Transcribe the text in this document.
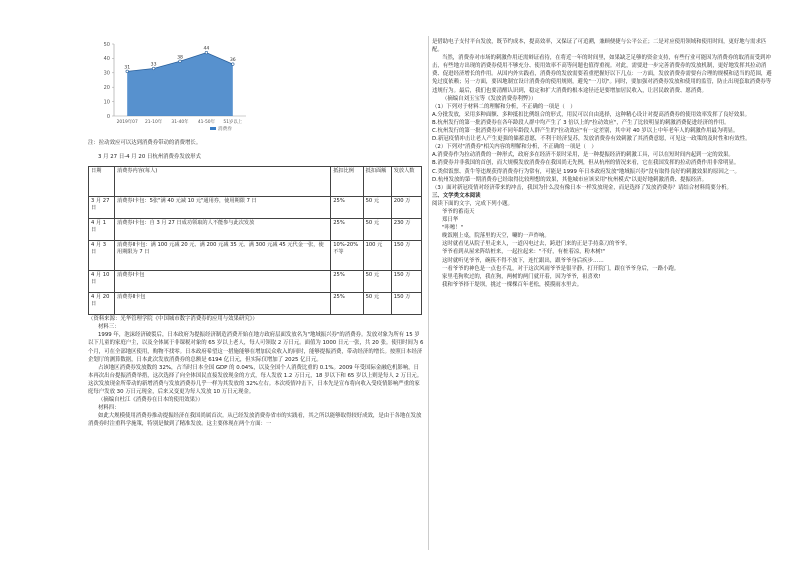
0
10
20
30
40
50
31
2019年07
33
21-10年
38
31-40年
44
41-50年
36
51岁以上
消费券

注：拉动效应可以达到消费券带动的消费增长。

3 月 27 日-4 月 20 日杭州消费券发放形式

日期	消费券内容(每人)	抵扣比例	抵扣面额	发放人数
3 月 27 日	消费券Ⅰ卡包：5张"满 40 元减 10 元"通用券，使用期限 7 日	25%	50 元	200 万
4 月 1 日	消费券Ⅰ卡包：自 3 月 27 日成功领取的人不能参与此次发放	25%	50 元	230 万
4 月 3 日	消费券Ⅱ卡包：满 100 元减 20 元、满 200 元减 35 元、满 300 元减 45 元代金一张，使用期限为 7 日	10%-20%不等	100 元	150 万
4 月 10 日	消费券Ⅰ卡包	25%	50 元	150 万
4 月 20 日	消费券Ⅱ卡包	25%	50 元	150 万

（资料来源：光华管理学院《中国城市数字消费券的应用与效果研究》）

材料三：

1999 年，泡沫经济破裂后，日本政府为提振经济制造消费开始在地方政府层面发放名为"地域振兴券"的消费券。发放对象为所有 15 岁以下儿童的家庭户主，以及全体属于非课税对象的 65 岁以上老人，每人可领取 2 万日元。面值为 1000 日元一张，共 20 张。使用时间为 6 个月，可在全部地区使用，购物不找零。日本政府希望这一措施能够在增加民众收入的同时，能够提振消费，带动经济的增长。按照日本经济企划厅的测算数据，日本此次发放消费券的总额是 6194 亿日元，但实际仅增加了 2025 亿日元。

占该地区消费券发放数的 32%，占当时日本全国 GDP 的 0.04%，以及全国个人消费比重的 0.1%。2009 年受国际金融危机影响，日本再次出台提振消费举措，这次选择了向全体国民直接发放现金的方式，每人发放 1.2 万日元，18 岁以下和 65 岁以上则是每人 2 万日元。这次发放现金所带动的新增消费与发放消费券几乎一样为其发放的 32%左右。本次疫情冲击下，日本先是宣布将向收入受疫情影响严重的家庭每户发放 30 万日元现金，后来又变更为每人发放 10 万日元现金。

（摘编自杜江《消费券在日本的使用效果》）

材料四：

如此大规模使用消费券推动提振经济在我国尚属首次。从已经发放消费券省市的实践看，其之所以能够取得较好成效，是由于各地在发放消费券时注重科学施策，特别是做到了精准发放。这主要体现在两个方面：一

是借助电子支付平台发放，既节约成本，提高效率，又保证了可追溯，兼顾便捷与公平公正；二是对应使用领域和使用时间，更好地与需求匹配。

当然，消费券对市场的刺激作用还需辩证看待，在将近一年的时间里，如果缺乏足够的资金支持，有些行业可能因为消费券的取消而受到冲击，有些地方出现的消费券使用不够充分、使用效率不高等问题也值得重视。对此，需要进一步完善消费券的发放机制，更好地发挥其拉动消费、促进经济增长的作用。从国内外实践看，消费券的发放需要着重把握好以下几点：一方面，发放消费券需要有合理的规模和适当的范围，避免过度依赖；另一方面，要因地制宜设计消费券的使用规则，避免"一刀切"。同时，要加强对消费券发放和使用的监管，防止出现套取消费券等违规行为。最后，我们也要清醒认识到，稳定和扩大消费的根本途径还是要增加居民收入，让居民敢消费、愿消费。

（摘编自刘玉宝等《发放消费券利弊》）

（1）下列对于材料二的理解和分析，不正确的一项是（　）

A.分批发放，采用多种面额、多种抵扣比例组合的形式，用民可以自由选择，这种精心设计对提高消费券的使用效率发挥了良好效果。

B.杭州发行的第一批消费券在各年龄段人群中均产生了 3 倍以上的"拉动效应"，产生了比较明显的刺激消费促进经济的作用。

C.杭州发行的第一批消费券对不同年龄段人群产生的"拉动效应"有一定差别，其中对 40 岁以上中年老年人的刺激作用最为明显。

D.新冠疫情冲击让老人产生更强的储蓄意愿，不利于经济复苏，发放消费券有效刺激了其消费意愿，可见这一政策的及时性和有效性。

（2）下列对"消费券"相关内容的理解和分析，不正确的一项是（　）

A.消费券作为拉动消费的一种形式，政府多在经济不景时采用，是一种提振经济的刺激工具，可以在短时间内起到一定的效果。

B.消费券并非我国的首创，而大规模发放消费券在我国尚无先例，但从杭州的情况来看，它在我国发挥的拉动消费作用非常明显。

C.类似饭票、黄牛等违规获得消费券行为常有，可能是 1999 年日本政府发放"地域振兴券"没有取得良好的刺激效果的原因之一。

D.杭州发放的第一期消费券已经取得比较理想的效果，其他城市应该采用"杭州模式"以更好地刺激消费、提振经济。

（3）面对新冠疫情对经济带来的冲击，我国为什么没有像日本一样发放现金，而是选择了发放消费券？请结合材料简要分析。

三、文学类文本阅读

阅读下面的文字，完成下列小题。

爷爷的蓄南天

郑日华

"咔嚓！"

晚饭刚上桌，院落里的天空，唰的一声炸响。

这时就看见从院子里走来人，一道闪电过去，跨进门来的正是手持菜刀的爷爷。

爷爷看到从屋来阵结桩来，一起拉起来："不好，有桩着凉，粉木树!"

这时就听见爷爷，碗筷不得不放下，连忙跟出，跟爷爷身后疾步……

一看爷爷的神色是一点也不乱，对于这次风雨爷爷是很平静，打开院门，跟在爷爷身后，一路小跑。

家里毛狗吹过的，我在狗，两树的两门就开着，因为爷爷，祖喜欢!

我和爷爷择干堤坝，挑过一棵棵百年老松，摸摸雨水里去。
